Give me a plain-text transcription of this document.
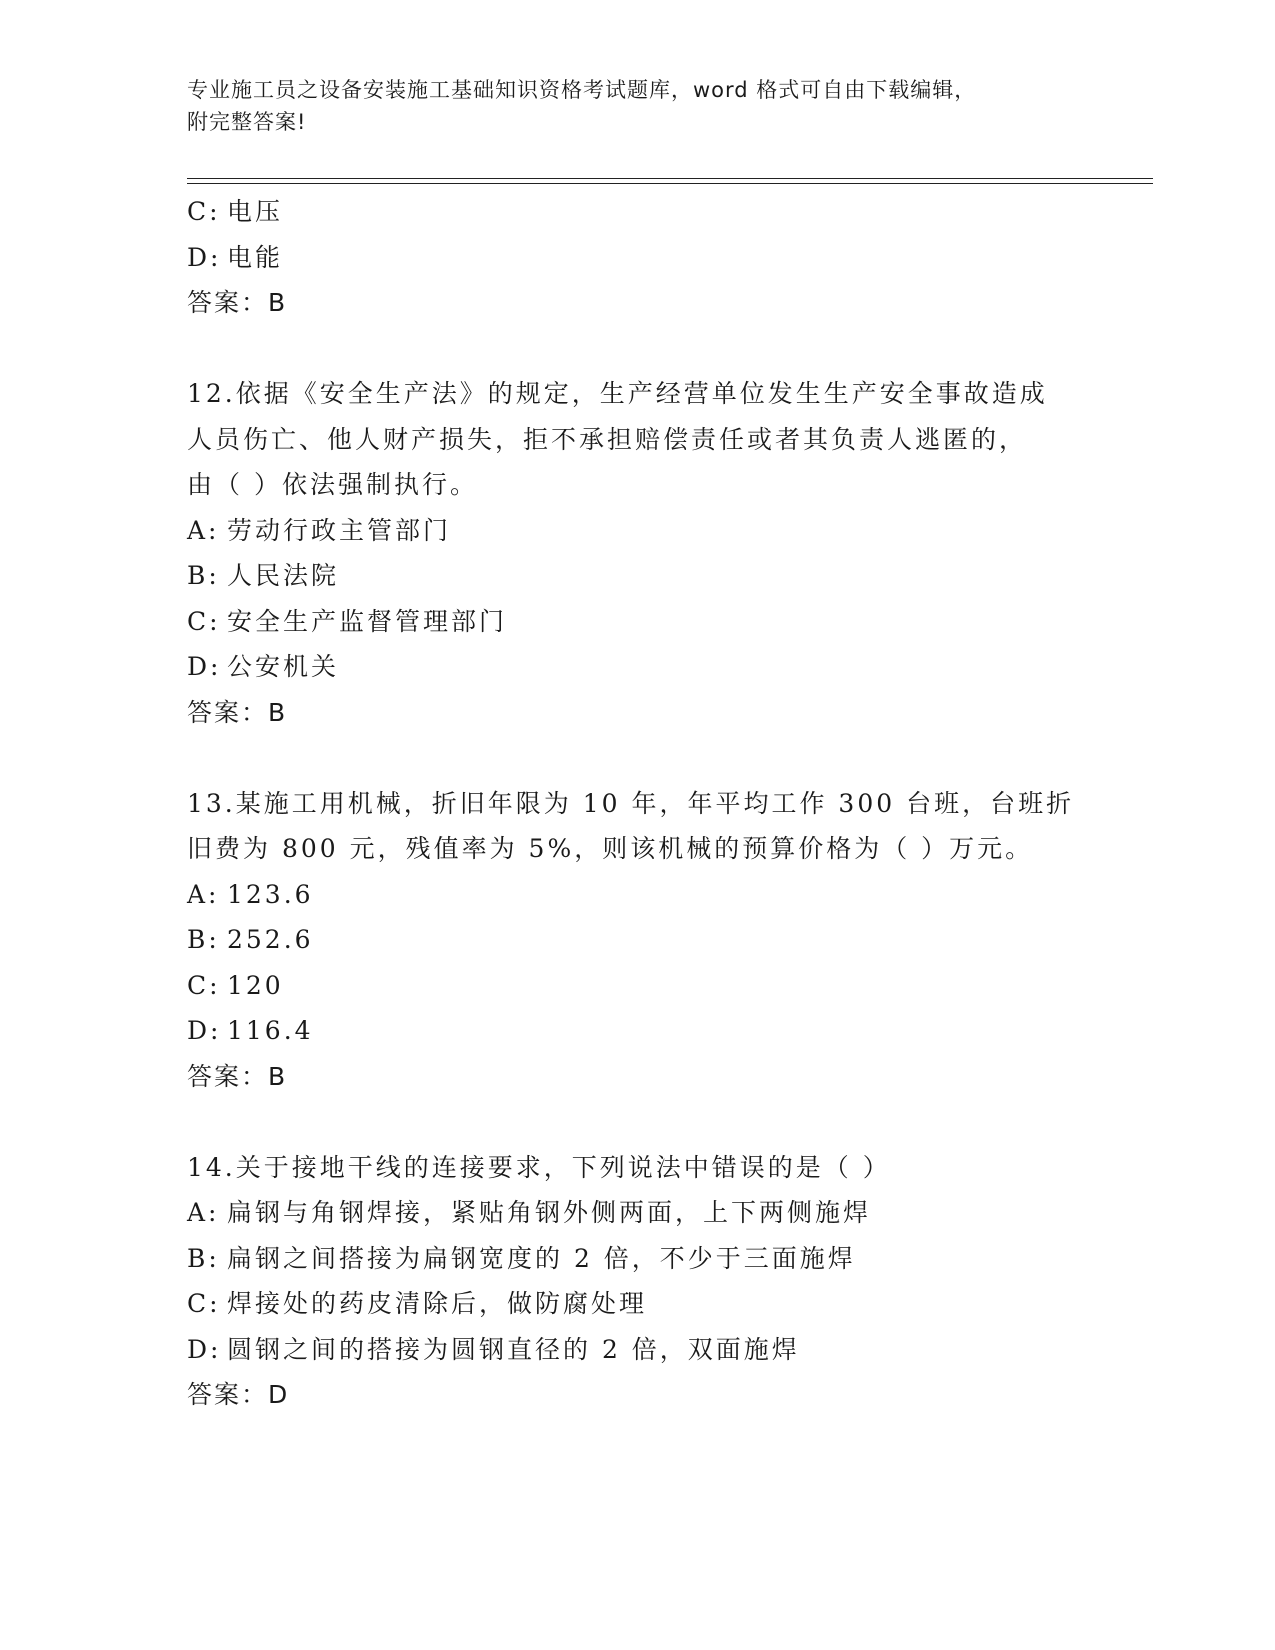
专业施工员之设备安装施工基础知识资格考试题库，word 格式可自由下载编辑，
附完整答案!
C: 电压
D: 电能
答案：B
12.依据《安全生产法》的规定，生产经营单位发生生产安全事故造成
人员伤亡、他人财产损失，拒不承担赔偿责任或者其负责人逃匿的，
由（ ）依法强制执行。
A: 劳动行政主管部门
B: 人民法院
C: 安全生产监督管理部门
D: 公安机关
答案：B
13.某施工用机械，折旧年限为 10 年，年平均工作 300 台班，台班折
旧费为 800 元，残值率为 5%，则该机械的预算价格为（ ）万元。
A: 123.6
B: 252.6
C: 120
D: 116.4
答案：B
14.关于接地干线的连接要求，下列说法中错误的是（ ）
A: 扁钢与角钢焊接，紧贴角钢外侧两面，上下两侧施焊
B: 扁钢之间搭接为扁钢宽度的 2 倍，不少于三面施焊
C: 焊接处的药皮清除后，做防腐处理
D: 圆钢之间的搭接为圆钢直径的 2 倍，双面施焊
答案：D
